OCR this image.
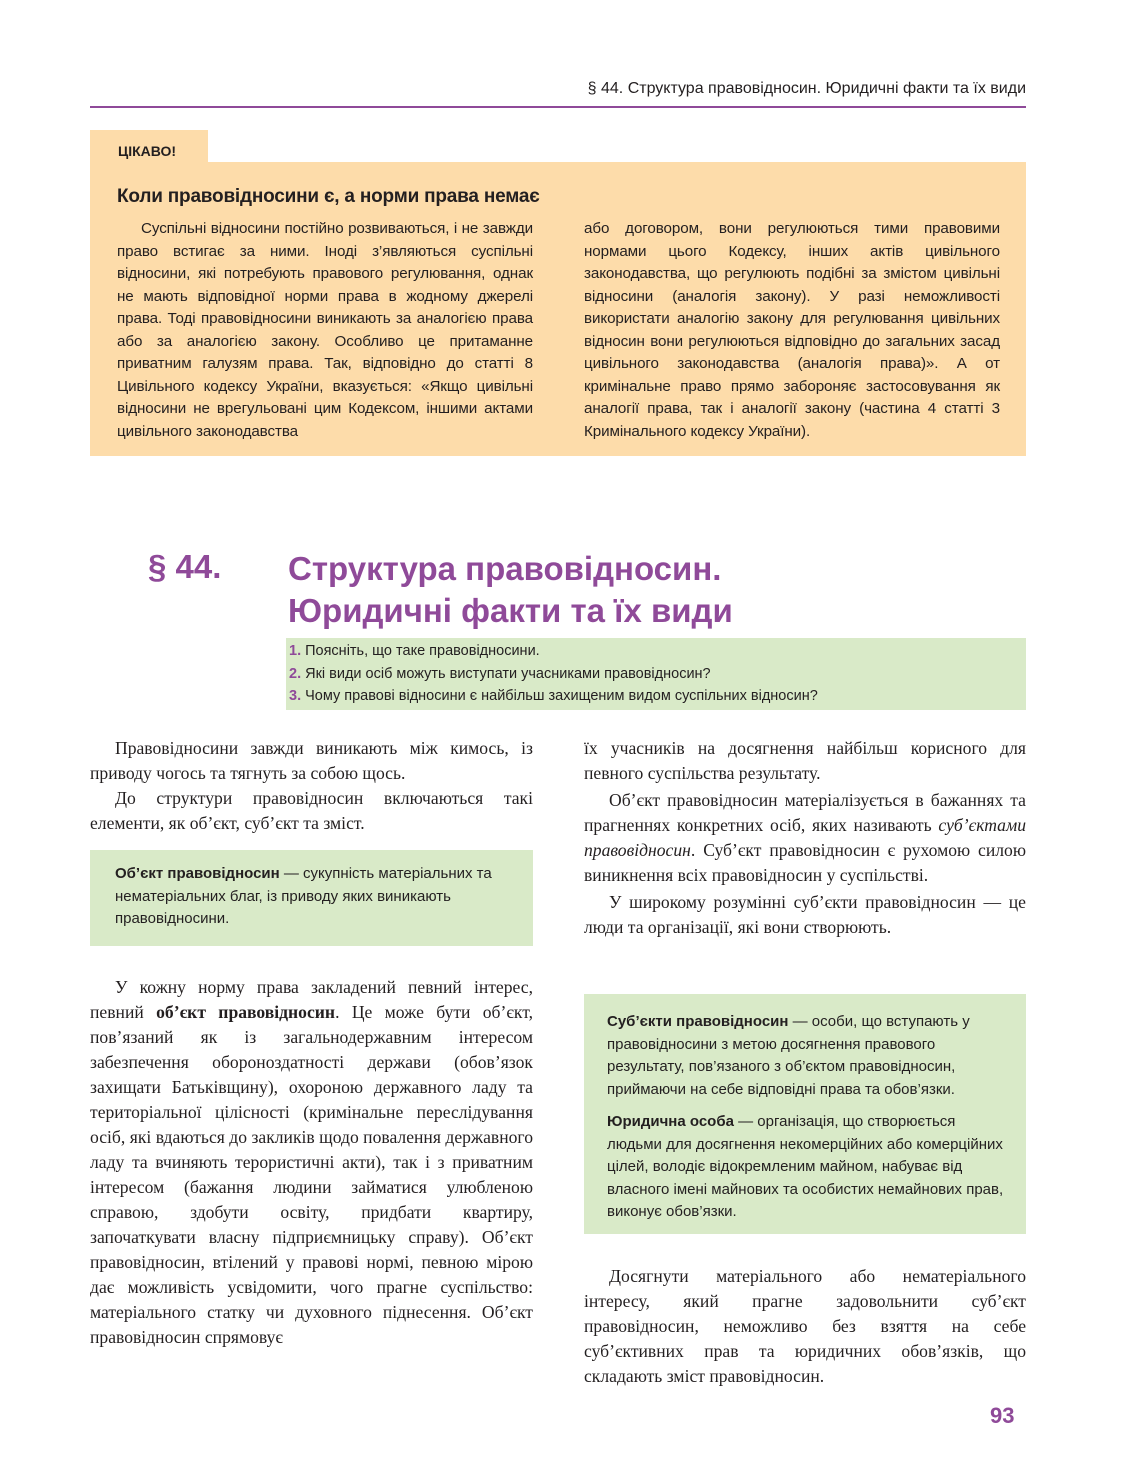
§ 44. Структура правовідносин. Юридичні факти та їх види
ЦІКАВО!
Коли правовідносини є, а норми права немає
Суспільні відносини постійно розвиваються, і не завжди право встигає за ними. Іноді з’являються суспільні відносини, які потребують правового регулювання, однак не мають відповідної норми права в жодному джерелі права. Тоді правовідносини виникають за аналогією права або за аналогією закону. Особливо це притаманне приватним галузям права. Так, відповідно до статті 8 Цивільного кодексу України, вказується: «Якщо цивільні відносини не врегульовані цим Кодексом, іншими актами цивільного законодавства
або договором, вони регулюються тими правовими нормами цього Кодексу, інших актів цивільного законодавства, що регулюють подібні за змістом цивільні відносини (аналогія закону). У разі неможливості використати аналогію закону для регулювання цивільних відносин вони регулюються відповідно до загальних засад цивільного законодавства (аналогія права)». А от кримінальне право прямо забороняє застосовування як аналогії права, так і аналогії закону (частина 4 статті 3 Кримінального кодексу України).
§ 44. Структура правовідносин.
Юридичні факти та їх види
1. Поясніть, що таке правовідносини.
2. Які види осіб можуть виступати учасниками правовідносин?
3. Чому правові відносини є найбільш захищеним видом суспільних відносин?

Правовідносини завжди виникають між кимось, із приводу чогось та тягнуть за собою щось.

До структури правовідносин включаються такі елементи, як об’єкт, суб’єкт та зміст.

Об’єкт правовідносин — сукупність матеріальних та нематеріальних благ, із приводу яких виникають правовідносини.

У кожну норму права закладений певний інтерес, певний об’єкт правовідносин. Це може бути об’єкт, пов’язаний як із загальнодержавним інтересом забезпечення обороноздатності держави (обов’язок захищати Батьківщину), охороною державного ладу та територіальної цілісності (кримінальне переслідування осіб, які вдаються до закликів щодо повалення державного ладу та вчиняють терористичні акти), так і з приватним інтересом (бажання людини займатися улюбленою справою, здобути освіту, придбати квартиру, започаткувати власну підприємницьку справу). Об’єкт правовідносин, втілений у правові нормі, певною мірою дає можливість усвідомити, чого прагне суспільство: матеріального статку чи духовного піднесення. Об’єкт правовідносин спрямовує

їх учасників на досягнення найбільш корисного для певного суспільства результату.

Об’єкт правовідносин матеріалізується в бажаннях та прагненнях конкретних осіб, яких називають суб’єктами правовідносин. Суб’єкт правовідносин є рухомою силою виникнення всіх правовідносин у суспільстві.

У широкому розумінні суб’єкти правовідносин — це люди та організації, які вони створюють.

Суб’єкти правовідносин — особи, що вступають у правовідносини з метою досягнення правового результату, пов’язаного з об’єктом правовідносин, приймаючи на себе відповідні права та обов’язки.

Юридична особа — організація, що створюється людьми для досягнення некомерційних або комерційних цілей, володіє відокремленим майном, набуває від власного імені майнових та особистих немайнових прав, виконує обов’язки.

Досягнути матеріального або нематеріального інтересу, який прагне задовольнити суб’єкт правовідносин, неможливо без взяття на себе суб’єктивних прав та юридичних обов’язків, що складають зміст правовідносин.

93
